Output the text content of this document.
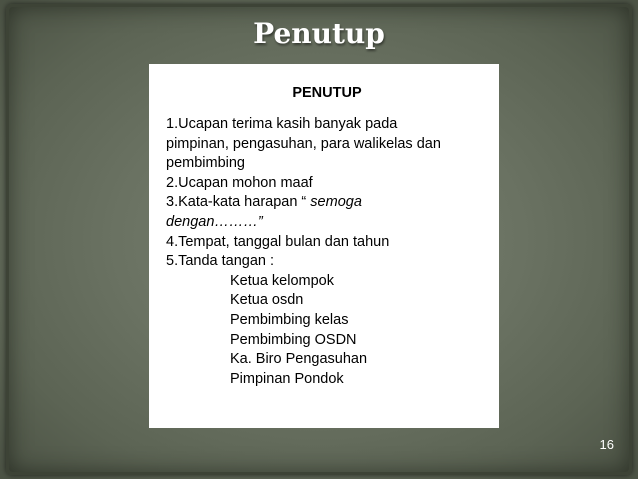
Penutup
PENUTUP
1.Ucapan terima kasih banyak pada
pimpinan, pengasuhan, para walikelas dan
pembimbing
2.Ucapan mohon maaf
3.Kata-kata harapan “ semoga
dengan………”
4.Tempat, tanggal bulan dan tahun
5.Tanda tangan :
Ketua kelompok
Ketua osdn
Pembimbing kelas
Pembimbing OSDN
Ka. Biro Pengasuhan
Pimpinan Pondok
16
